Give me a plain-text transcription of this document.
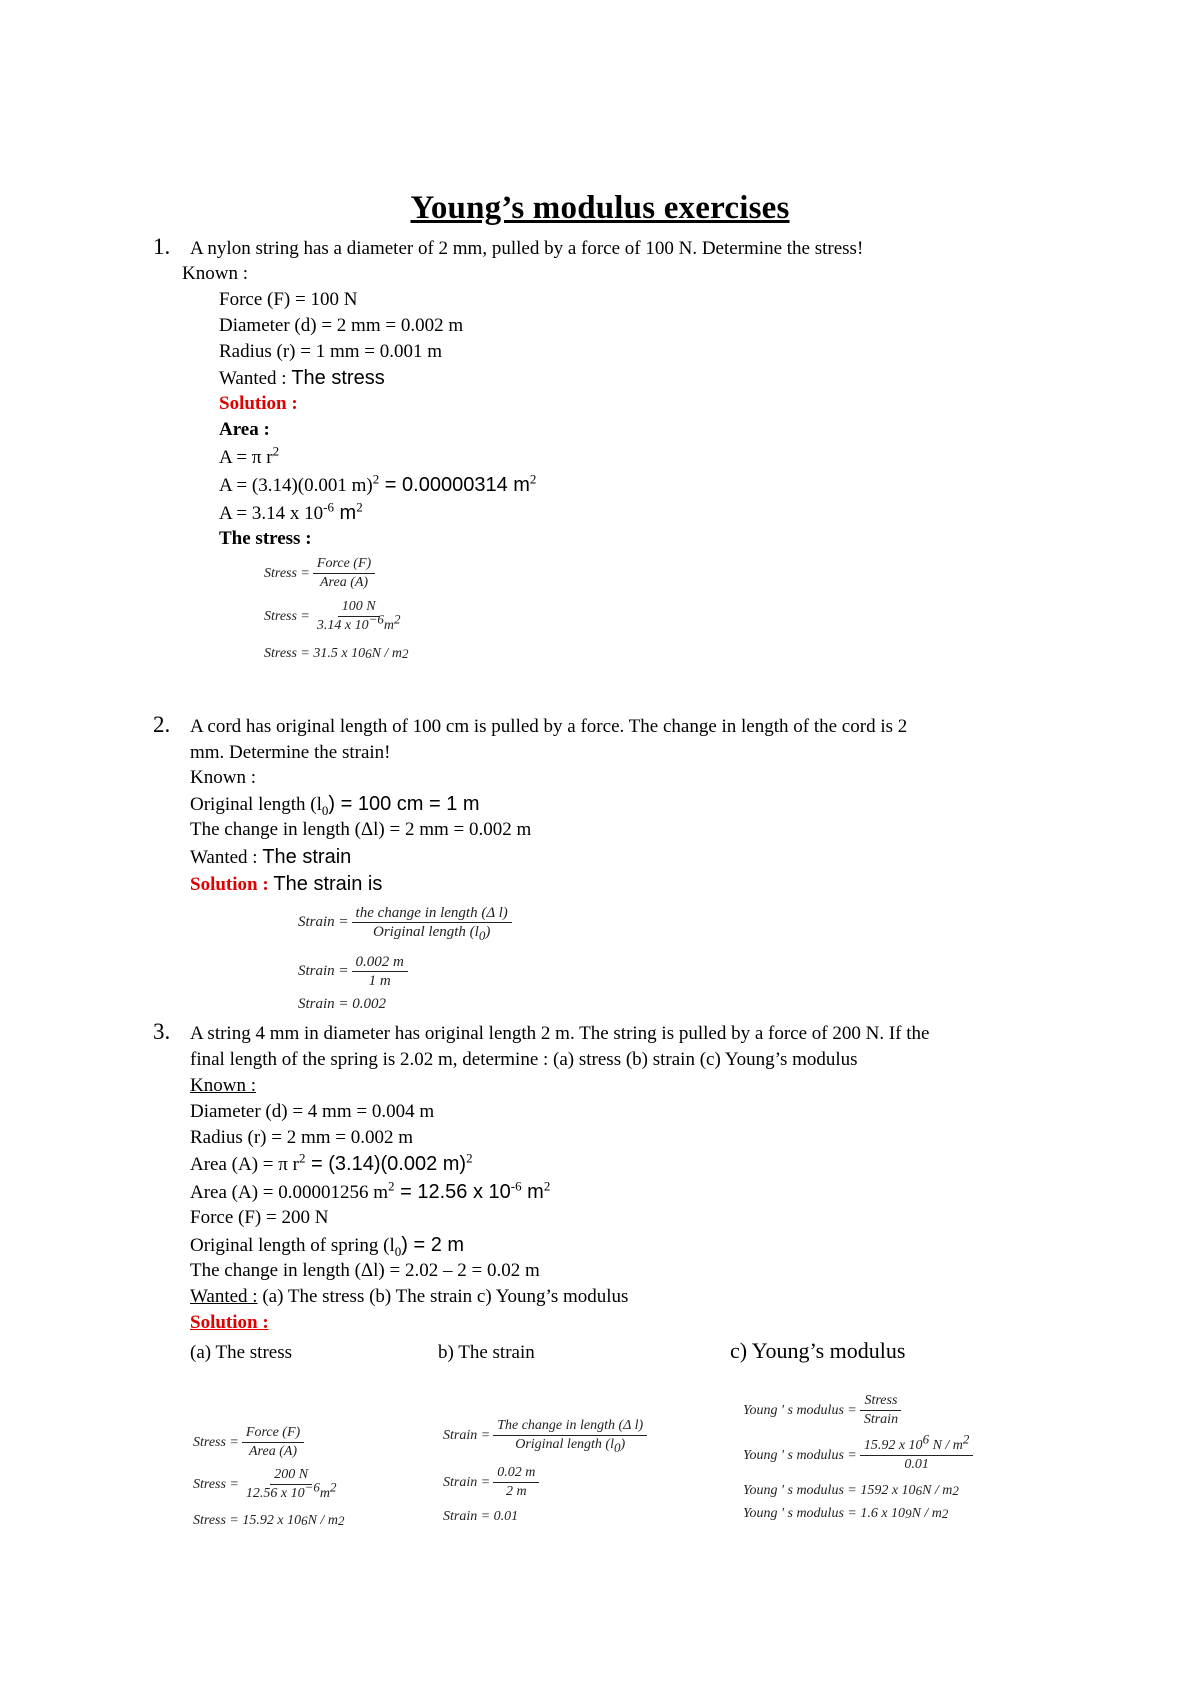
Young’s modulus exercises
1. A nylon string has a diameter of 2 mm, pulled by a force of 100 N. Determine the stress!
Known :
Force (F) = 100 N
Diameter (d) = 2 mm = 0.002 m
Radius (r) = 1 mm = 0.001 m
Wanted : The stress
Solution :
Area :
A = π $r^2$
A = (3.14)(0.001 m)$^2$ = 0.00000314 $m^2$
A = 3.14 x $10^{-6}$ $m^2$
The stress :
Stress = $\frac{\text{Force (F)}}{\text{Area (A)}}$
Stress = $\frac{100 N}{3.14 x 10^{-6}m^2}$
Stress = 31.5 x 10 6 N / m 2
2. A cord has original length of 100 cm is pulled by a force. The change in length of the cord is 2
mm. Determine the strain!
Known :
Original length $(l_0) = 100$ cm = 1 m
The change in length (Δl) = 2 mm = 0.002 m
Wanted : The strain
Solution : The strain is
Strain = $\frac{\text{the change in length (Δ l)}}{Original length (l_0)}$
Strain = $\frac{0.002 m}{1 m}$
Strain = 0.002
3. A string 4 mm in diameter has original length 2 m. The string is pulled by a force of 200 N. If the
final length of the spring is 2.02 m, determine : (a) stress (b) strain (c) Young’s modulus
Known :
Diameter (d) = 4 mm = 0.004 m
Radius (r) = 2 mm = 0.002 m
Area (A) = π $r^2 = (3.14)(0.002$ m)$^2$
Area (A) = 0.00001256 $m^2 = 12.56$ x $10^{-6}$ $m^2$
Force (F) = 200 N
Original length of spring $(l_0) = 2$ m
The change in length (Δl) = 2.02 – 2 = 0.02 m
Wanted : (a) The stress (b) The strain c) Young’s modulus
Solution :
(a) The stress	b) The strain	c) Young’s modulus
Stress = $\frac{\text{Force (F)}}{\text{Area (A)}}$
Stress = $\frac{200 N}{12.56 x 10^{-6}m^2}$
Stress = 15.92 x 10 6 N / m 2
Strain = $\frac{\text{The change in length (Δ l)}}{Original length (l_0)}$
Strain = $\frac{0.02 m}{2 m}$
Strain = 0.01
Young ' s modulus = $\frac{\text{Stress}}{\text{Strain}}$
Young ' s modulus = $\frac{15.92 x 10^6 N / m^2}{0.01}$
Young ' s modulus = 1592 x 10 6 N / m 2
Young ' s modulus = 1.6 x 10 9 N / m 2
